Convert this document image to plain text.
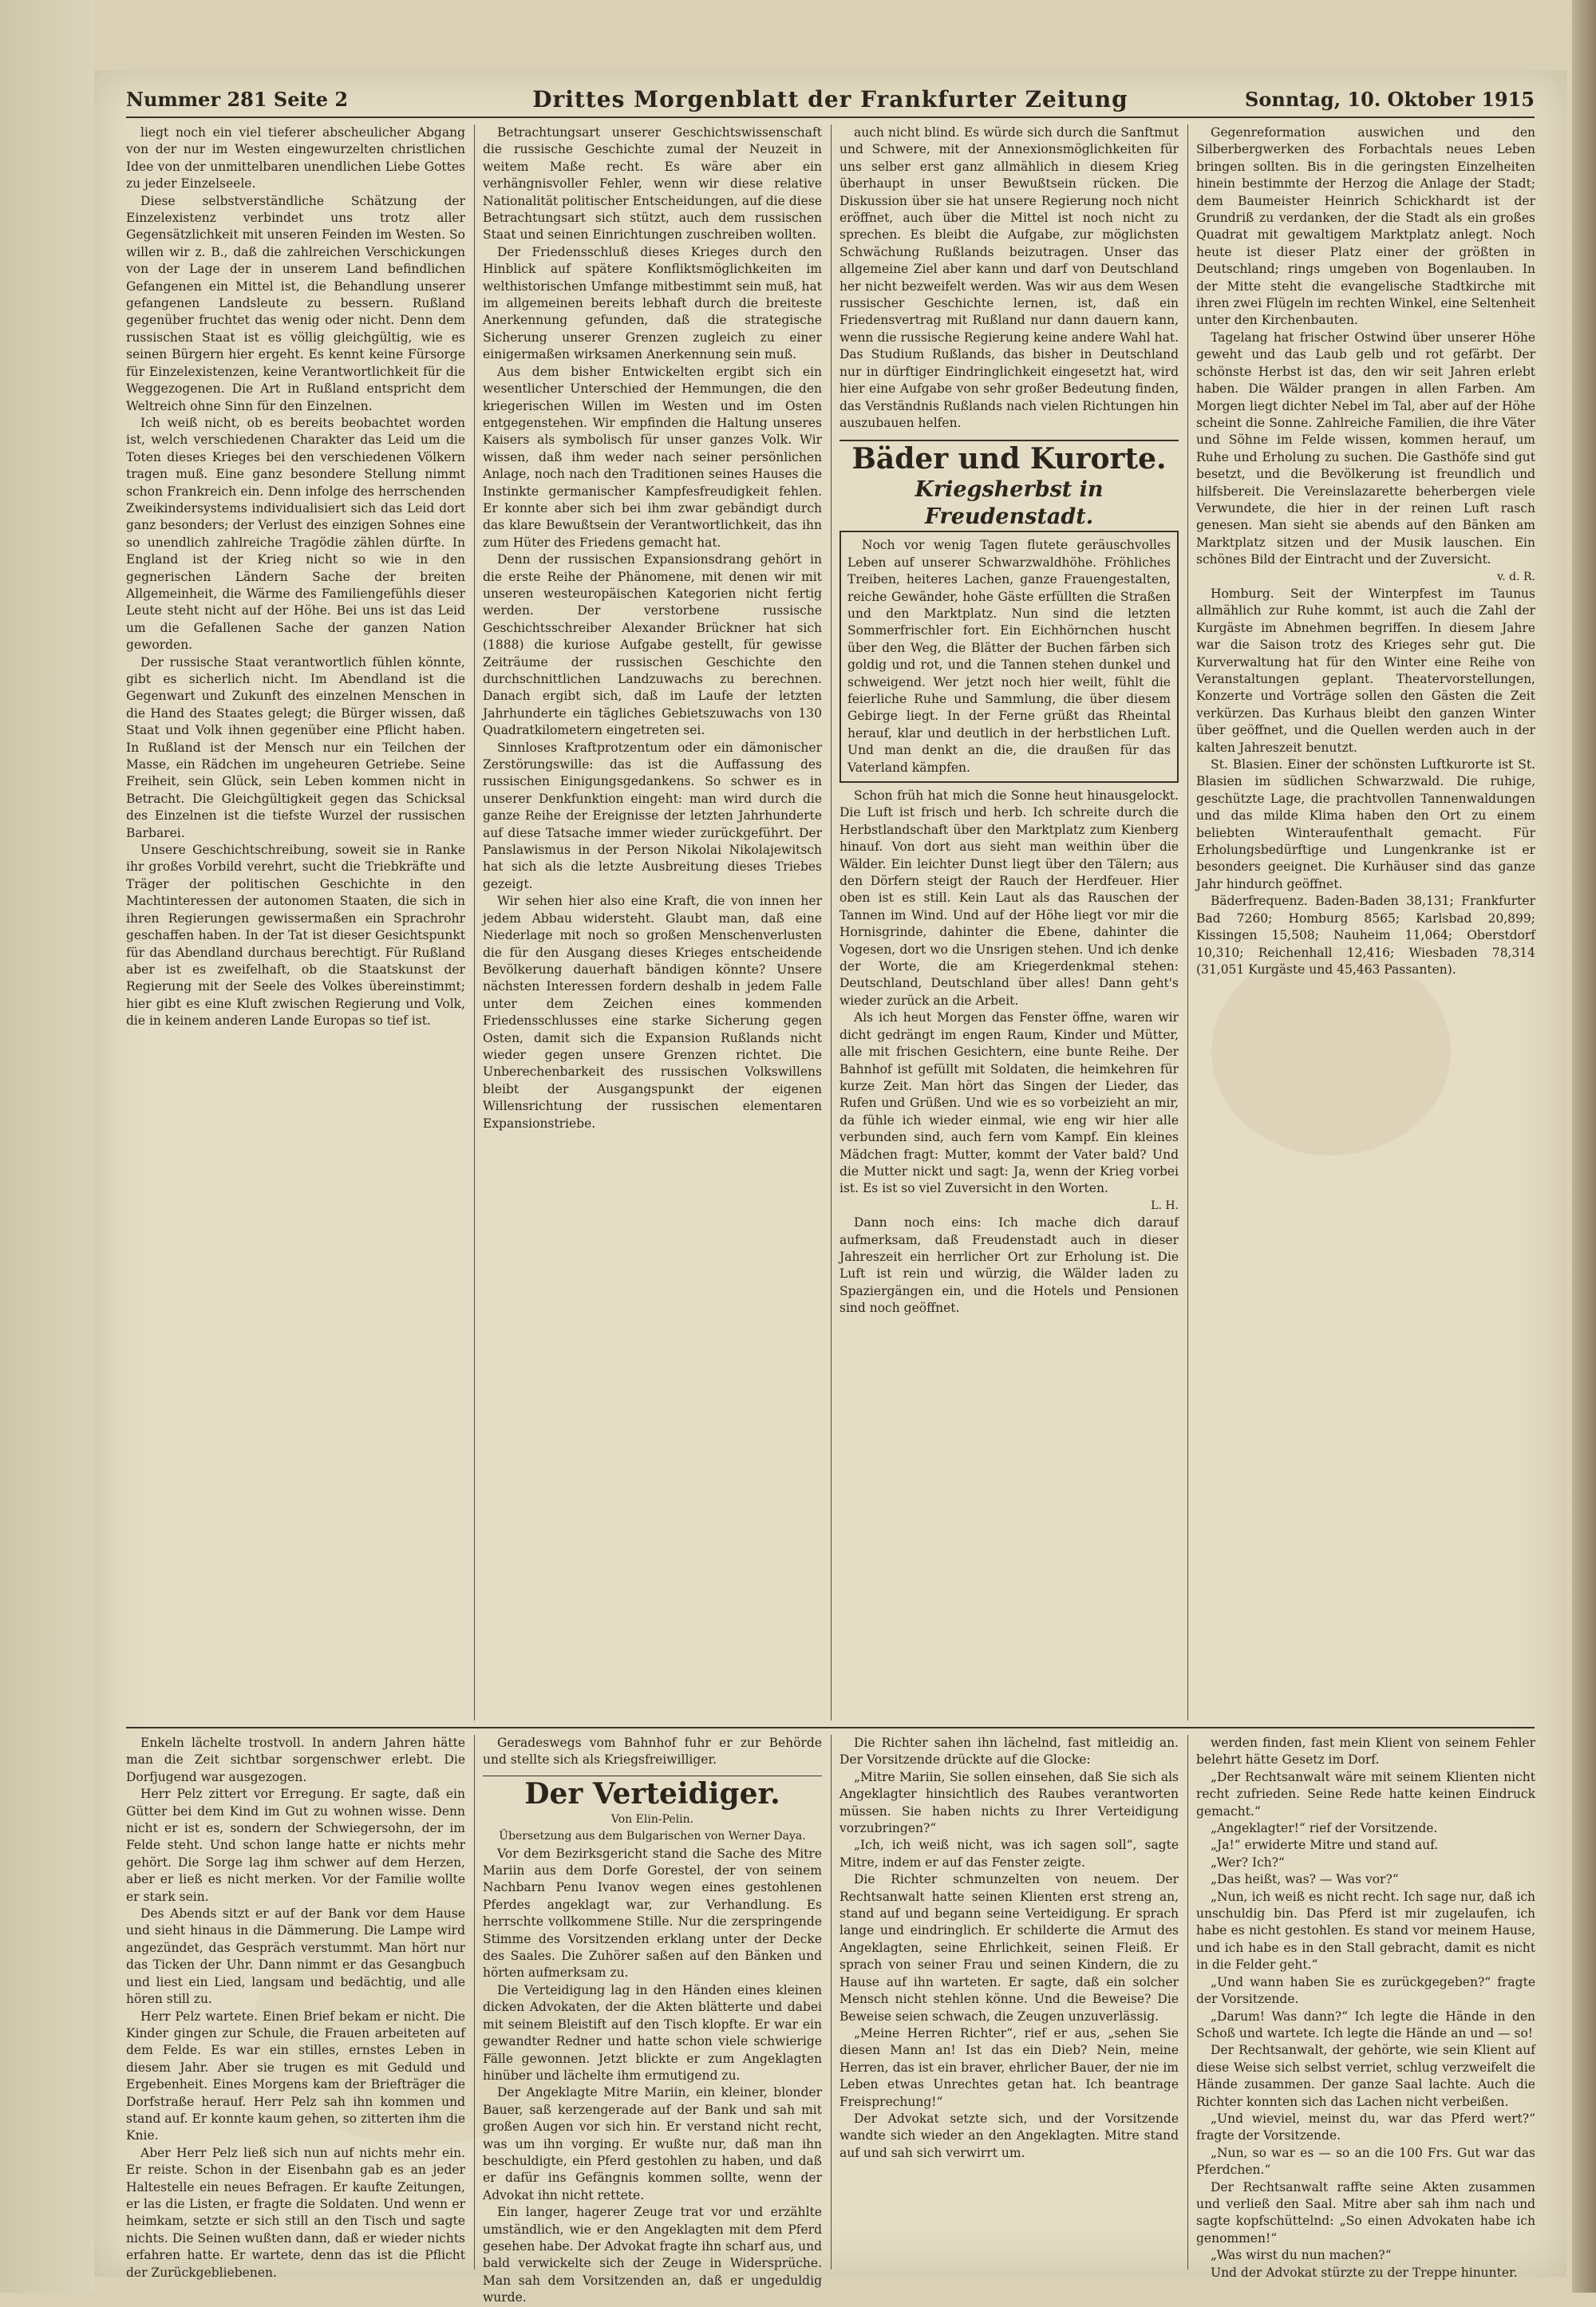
Nummer 281 Seite 2	Drittes Morgenblatt der Frankfurter Zeitung	Sonntag, 10. Oktober 1915

liegt noch ein viel tieferer abscheulicher Abgang von der nur im Westen eingewurzelten christlichen Idee von der unmittelbaren unendlichen Liebe Gottes zu jeder Einzelseele.

Diese selbstverständliche Schätzung der Einzelexistenz verbindet uns trotz aller Gegensätzlichkeit mit unseren Feinden im Westen. So willen wir z. B., daß die zahlreichen Verschickungen von der Lage der in unserem Land befindlichen Gefangenen ein Mittel ist, die Behandlung unserer gefangenen Landsleute zu bessern. Rußland gegenüber fruchtet das wenig oder nicht. Denn dem russischen Staat ist es völlig gleichgültig, wie es seinen Bürgern hier ergeht. Es kennt keine Fürsorge für Einzelexistenzen, keine Verantwortlichkeit für die Weggezogenen. Die Art in Rußland entspricht dem Weltreich ohne Sinn für den Einzelnen.

Ich weiß nicht, ob es bereits beobachtet worden ist, welch verschiedenen Charakter das Leid um die Toten dieses Krieges bei den verschiedenen Völkern tragen muß. Eine ganz besondere Stellung nimmt schon Frankreich ein. Denn infolge des herrschenden Zweikindersystems individualisiert sich das Leid dort ganz besonders; der Verlust des einzigen Sohnes eine so unendlich zahlreiche Tragödie zählen dürfte. In England ist der Krieg nicht so wie in den gegnerischen Ländern Sache der breiten Allgemeinheit, die Wärme des Familiengefühls dieser Leute steht nicht auf der Höhe. Bei uns ist das Leid um die Gefallenen Sache der ganzen Nation geworden.

Der russische Staat verantwortlich fühlen könnte, gibt es sicherlich nicht. Im Abendland ist die Gegenwart und Zukunft des einzelnen Menschen in die Hand des Staates gelegt; die Bürger wissen, daß Staat und Volk ihnen gegenüber eine Pflicht haben. In Rußland ist der Mensch nur ein Teilchen der Masse, ein Rädchen im ungeheuren Getriebe. Seine Freiheit, sein Glück, sein Leben kommen nicht in Betracht. Die Gleichgültigkeit gegen das Schicksal des Einzelnen ist die tiefste Wurzel der russischen Barbarei.

Unsere Geschichtschreibung, soweit sie in Ranke ihr großes Vorbild verehrt, sucht die Triebkräfte und Träger der politischen Geschichte in den Machtinteressen der autonomen Staaten, die sich in ihren Regierungen gewissermaßen ein Sprachrohr geschaffen haben. In der Tat ist dieser Gesichtspunkt für das Abendland durchaus berechtigt. Für Rußland aber ist es zweifelhaft, ob die Staatskunst der Regierung mit der Seele des Volkes übereinstimmt; hier gibt es eine Kluft zwischen Regierung und Volk, die in keinem anderen Lande Europas so tief ist.

Betrachtungsart unserer Geschichtswissenschaft die russische Geschichte zumal der Neuzeit in weitem Maße recht. Es wäre aber ein verhängnisvoller Fehler, wenn wir diese relative Nationalität politischer Entscheidungen, auf die diese Betrachtungsart sich stützt, auch dem russischen Staat und seinen Einrichtungen zuschreiben wollten.

Der Friedensschluß dieses Krieges durch den Hinblick auf spätere Konfliktsmöglichkeiten im welthistorischen Umfange mitbestimmt sein muß, hat im allgemeinen bereits lebhaft durch die breiteste Anerkennung gefunden, daß die strategische Sicherung unserer Grenzen zugleich zu einer einigermaßen wirksamen Anerkennung sein muß.

Aus dem bisher Entwickelten ergibt sich ein wesentlicher Unterschied der Hemmungen, die den kriegerischen Willen im Westen und im Osten entgegenstehen. Wir empfinden die Haltung unseres Kaisers als symbolisch für unser ganzes Volk. Wir wissen, daß ihm weder nach seiner persönlichen Anlage, noch nach den Traditionen seines Hauses die Instinkte germanischer Kampfesfreudigkeit fehlen. Er konnte aber sich bei ihm zwar gebändigt durch das klare Bewußtsein der Verantwortlichkeit, das ihn zum Hüter des Friedens gemacht hat.

Denn der russischen Expansionsdrang gehört in die erste Reihe der Phänomene, mit denen wir mit unseren westeuropäischen Kategorien nicht fertig werden. Der verstorbene russische Geschichtsschreiber Alexander Brückner hat sich (1888) die kuriose Aufgabe gestellt, für gewisse Zeiträume der russischen Geschichte den durchschnittlichen Landzuwachs zu berechnen. Danach ergibt sich, daß im Laufe der letzten Jahrhunderte ein tägliches Gebietszuwachs von 130 Quadratkilometern eingetreten sei.

Sinnloses Kraftprotzentum oder ein dämonischer Zerstörungswille: das ist die Auffassung des russischen Einigungsgedankens. So schwer es in unserer Denkfunktion eingeht: man wird durch die ganze Reihe der Ereignisse der letzten Jahrhunderte auf diese Tatsache immer wieder zurückgeführt. Der Panslawismus in der Person Nikolai Nikolajewitsch hat sich als die letzte Ausbreitung dieses Triebes gezeigt.

Wir sehen hier also eine Kraft, die von innen her jedem Abbau widersteht. Glaubt man, daß eine Niederlage mit noch so großen Menschenverlusten die für den Ausgang dieses Krieges entscheidende Bevölkerung dauerhaft bändigen könnte? Unsere nächsten Interessen fordern deshalb in jedem Falle unter dem Zeichen eines kommenden Friedensschlusses eine starke Sicherung gegen Osten, damit sich die Expansion Rußlands nicht wieder gegen unsere Grenzen richtet. Die Unberechenbarkeit des russischen Volkswillens bleibt der Ausgangspunkt der eigenen Willensrichtung der russischen elementaren Expansionstriebe.

auch nicht blind. Es würde sich durch die Sanftmut und Schwere, mit der Annexionsmöglichkeiten für uns selber erst ganz allmählich in diesem Krieg überhaupt in unser Bewußtsein rücken. Die Diskussion über sie hat unsere Regierung noch nicht eröffnet, auch über die Mittel ist noch nicht zu sprechen. Es bleibt die Aufgabe, zur möglichsten Schwächung Rußlands beizutragen. Unser das allgemeine Ziel aber kann und darf von Deutschland her nicht bezweifelt werden. Was wir aus dem Wesen russischer Geschichte lernen, ist, daß ein Friedensvertrag mit Rußland nur dann dauern kann, wenn die russische Regierung keine andere Wahl hat. Das Studium Rußlands, das bisher in Deutschland nur in dürftiger Eindringlichkeit eingesetzt hat, wird hier eine Aufgabe von sehr großer Bedeutung finden, das Verständnis Rußlands nach vielen Richtungen hin auszubauen helfen.

Bäder und Kurorte.

Kriegsherbst in Freudenstadt.

Noch vor wenig Tagen flutete geräuschvolles Leben auf unserer Schwarzwaldhöhe. Fröhliches Treiben, heiteres Lachen, ganze Frauengestalten, reiche Gewänder, hohe Gäste erfüllten die Straßen und den Marktplatz. Nun sind die letzten Sommerfrischler fort. Ein Eichhörnchen huscht über den Weg, die Blätter der Buchen färben sich goldig und rot, und die Tannen stehen dunkel und schweigend. Wer jetzt noch hier weilt, fühlt die feierliche Ruhe und Sammlung, die über diesem Gebirge liegt. In der Ferne grüßt das Rheintal herauf, klar und deutlich in der herbstlichen Luft. Und man denkt an die, die draußen für das Vaterland kämpfen.

Schon früh hat mich die Sonne heut hinausgelockt. Die Luft ist frisch und herb. Ich schreite durch die Herbstlandschaft über den Marktplatz zum Kienberg hinauf. Von dort aus sieht man weithin über die Wälder. Ein leichter Dunst liegt über den Tälern; aus den Dörfern steigt der Rauch der Herdfeuer. Hier oben ist es still. Kein Laut als das Rauschen der Tannen im Wind. Und auf der Höhe liegt vor mir die Hornisgrinde, dahinter die Ebene, dahinter die Vogesen, dort wo die Unsrigen stehen. Und ich denke der Worte, die am Kriegerdenkmal stehen: Deutschland, Deutschland über alles! Dann geht's wieder zurück an die Arbeit.

Als ich heut Morgen das Fenster öffne, waren wir dicht gedrängt im engen Raum, Kinder und Mütter, alle mit frischen Gesichtern, eine bunte Reihe. Der Bahnhof ist gefüllt mit Soldaten, die heimkehren für kurze Zeit. Man hört das Singen der Lieder, das Rufen und Grüßen. Und wie es so vorbeizieht an mir, da fühle ich wieder einmal, wie eng wir hier alle verbunden sind, auch fern vom Kampf. Ein kleines Mädchen fragt: Mutter, kommt der Vater bald? Und die Mutter nickt und sagt: Ja, wenn der Krieg vorbei ist. Es ist so viel Zuversicht in den Worten.

L. H.

Dann noch eins: Ich mache dich darauf aufmerksam, daß Freudenstadt auch in dieser Jahreszeit ein herrlicher Ort zur Erholung ist. Die Luft ist rein und würzig, die Wälder laden zu Spaziergängen ein, und die Hotels und Pensionen sind noch geöffnet.

Gegenreformation auswichen und den Silberbergwerken des Forbachtals neues Leben bringen sollten. Bis in die geringsten Einzelheiten hinein bestimmte der Herzog die Anlage der Stadt; dem Baumeister Heinrich Schickhardt ist der Grundriß zu verdanken, der die Stadt als ein großes Quadrat mit gewaltigem Marktplatz anlegt. Noch heute ist dieser Platz einer der größten in Deutschland; rings umgeben von Bogenlauben. In der Mitte steht die evangelische Stadtkirche mit ihren zwei Flügeln im rechten Winkel, eine Seltenheit unter den Kirchenbauten.

Tagelang hat frischer Ostwind über unserer Höhe geweht und das Laub gelb und rot gefärbt. Der schönste Herbst ist das, den wir seit Jahren erlebt haben. Die Wälder prangen in allen Farben. Am Morgen liegt dichter Nebel im Tal, aber auf der Höhe scheint die Sonne. Zahlreiche Familien, die ihre Väter und Söhne im Felde wissen, kommen herauf, um Ruhe und Erholung zu suchen. Die Gasthöfe sind gut besetzt, und die Bevölkerung ist freundlich und hilfsbereit. Die Vereinslazarette beherbergen viele Verwundete, die hier in der reinen Luft rasch genesen. Man sieht sie abends auf den Bänken am Marktplatz sitzen und der Musik lauschen. Ein schönes Bild der Eintracht und der Zuversicht.

v. d. R.

Homburg. Seit der Winterpfest im Taunus allmählich zur Ruhe kommt, ist auch die Zahl der Kurgäste im Abnehmen begriffen. In diesem Jahre war die Saison trotz des Krieges sehr gut. Die Kurverwaltung hat für den Winter eine Reihe von Veranstaltungen geplant. Theatervorstellungen, Konzerte und Vorträge sollen den Gästen die Zeit verkürzen. Das Kurhaus bleibt den ganzen Winter über geöffnet, und die Quellen werden auch in der kalten Jahreszeit benutzt.

St. Blasien. Einer der schönsten Luftkurorte ist St. Blasien im südlichen Schwarzwald. Die ruhige, geschützte Lage, die prachtvollen Tannenwaldungen und das milde Klima haben den Ort zu einem beliebten Winteraufenthalt gemacht. Für Erholungsbedürftige und Lungenkranke ist er besonders geeignet. Die Kurhäuser sind das ganze Jahr hindurch geöffnet.

Bäderfrequenz. Baden-Baden 38,131; Frankfurter Bad 7260; Homburg 8565; Karlsbad 20,899; Kissingen 15,508; Nauheim 11,064; Oberstdorf 10,310; Reichenhall 12,416; Wiesbaden 78,314 (31,051 Kurgäste und 45,463 Passanten).

Enkeln lächelte trostvoll. In andern Jahren hätte man die Zeit sichtbar sorgenschwer erlebt. Die Dorfjugend war ausgezogen.

Herr Pelz zittert vor Erregung. Er sagte, daß ein Gütter bei dem Kind im Gut zu wohnen wisse. Denn nicht er ist es, sondern der Schwiegersohn, der im Felde steht. Und schon lange hatte er nichts mehr gehört. Die Sorge lag ihm schwer auf dem Herzen, aber er ließ es nicht merken. Vor der Familie wollte er stark sein.

Des Abends sitzt er auf der Bank vor dem Hause und sieht hinaus in die Dämmerung. Die Lampe wird angezündet, das Gespräch verstummt. Man hört nur das Ticken der Uhr. Dann nimmt er das Gesangbuch und liest ein Lied, langsam und bedächtig, und alle hören still zu.

Herr Pelz wartete. Einen Brief bekam er nicht. Die Kinder gingen zur Schule, die Frauen arbeiteten auf dem Felde. Es war ein stilles, ernstes Leben in diesem Jahr. Aber sie trugen es mit Geduld und Ergebenheit. Eines Morgens kam der Briefträger die Dorfstraße herauf. Herr Pelz sah ihn kommen und stand auf. Er konnte kaum gehen, so zitterten ihm die Knie.

Aber Herr Pelz ließ sich nun auf nichts mehr ein. Er reiste. Schon in der Eisenbahn gab es an jeder Haltestelle ein neues Befragen. Er kaufte Zeitungen, er las die Listen, er fragte die Soldaten. Und wenn er heimkam, setzte er sich still an den Tisch und sagte nichts. Die Seinen wußten dann, daß er wieder nichts erfahren hatte. Er wartete, denn das ist die Pflicht der Zurückgebliebenen.

Geradeswegs vom Bahnhof fuhr er zur Behörde und stellte sich als Kriegsfreiwilliger.

Der Verteidiger.

Von Elin-Pelin.

Übersetzung aus dem Bulgarischen von Werner Daya.

Vor dem Bezirksgericht stand die Sache des Mitre Mariin aus dem Dorfe Gorestel, der von seinem Nachbarn Penu Ivanov wegen eines gestohlenen Pferdes angeklagt war, zur Verhandlung. Es herrschte vollkommene Stille. Nur die zerspringende Stimme des Vorsitzenden erklang unter der Decke des Saales. Die Zuhörer saßen auf den Bänken und hörten aufmerksam zu.

Die Verteidigung lag in den Händen eines kleinen dicken Advokaten, der die Akten blätterte und dabei mit seinem Bleistift auf den Tisch klopfte. Er war ein gewandter Redner und hatte schon viele schwierige Fälle gewonnen. Jetzt blickte er zum Angeklagten hinüber und lächelte ihm ermutigend zu.

Der Angeklagte Mitre Mariin, ein kleiner, blonder Bauer, saß kerzengerade auf der Bank und sah mit großen Augen vor sich hin. Er verstand nicht recht, was um ihn vorging. Er wußte nur, daß man ihn beschuldigte, ein Pferd gestohlen zu haben, und daß er dafür ins Gefängnis kommen sollte, wenn der Advokat ihn nicht rettete.

Ein langer, hagerer Zeuge trat vor und erzählte umständlich, wie er den Angeklagten mit dem Pferd gesehen habe. Der Advokat fragte ihn scharf aus, und bald verwickelte sich der Zeuge in Widersprüche. Man sah dem Vorsitzenden an, daß er ungeduldig wurde.

Die Richter sahen ihn lächelnd, fast mitleidig an. Der Vorsitzende drückte auf die Glocke:

„Mitre Mariin, Sie sollen einsehen, daß Sie sich als Angeklagter hinsichtlich des Raubes verantworten müssen. Sie haben nichts zu Ihrer Verteidigung vorzubringen?“

„Ich, ich weiß nicht, was ich sagen soll“, sagte Mitre, indem er auf das Fenster zeigte.

Die Richter schmunzelten von neuem. Der Rechtsanwalt hatte seinen Klienten erst streng an, stand auf und begann seine Verteidigung. Er sprach lange und eindringlich. Er schilderte die Armut des Angeklagten, seine Ehrlichkeit, seinen Fleiß. Er sprach von seiner Frau und seinen Kindern, die zu Hause auf ihn warteten. Er sagte, daß ein solcher Mensch nicht stehlen könne. Und die Beweise? Die Beweise seien schwach, die Zeugen unzuverlässig.

„Meine Herren Richter“, rief er aus, „sehen Sie diesen Mann an! Ist das ein Dieb? Nein, meine Herren, das ist ein braver, ehrlicher Bauer, der nie im Leben etwas Unrechtes getan hat. Ich beantrage Freisprechung!“

Der Advokat setzte sich, und der Vorsitzende wandte sich wieder an den Angeklagten. Mitre stand auf und sah sich verwirrt um.

werden finden, fast mein Klient von seinem Fehler belehrt hätte Gesetz im Dorf.

„Der Rechtsanwalt wäre mit seinem Klienten nicht recht zufrieden. Seine Rede hatte keinen Eindruck gemacht.“

„Angeklagter!“ rief der Vorsitzende.

„Ja!“ erwiderte Mitre und stand auf.

„Wer? Ich?“

„Das heißt, was? — Was vor?“

„Nun, ich weiß es nicht recht. Ich sage nur, daß ich unschuldig bin. Das Pferd ist mir zugelaufen, ich habe es nicht gestohlen. Es stand vor meinem Hause, und ich habe es in den Stall gebracht, damit es nicht in die Felder geht.“

„Und wann haben Sie es zurückgegeben?“ fragte der Vorsitzende.

„Darum! Was dann?“ Ich legte die Hände in den Schoß und wartete. Ich legte die Hände an und — so!

Der Rechtsanwalt, der gehörte, wie sein Klient auf diese Weise sich selbst verriet, schlug verzweifelt die Hände zusammen. Der ganze Saal lachte. Auch die Richter konnten sich das Lachen nicht verbeißen.

„Und wieviel, meinst du, war das Pferd wert?“ fragte der Vorsitzende.

„Nun, so war es — so an die 100 Frs. Gut war das Pferdchen.“

Der Rechtsanwalt raffte seine Akten zusammen und verließ den Saal. Mitre aber sah ihm nach und sagte kopfschüttelnd: „So einen Advokaten habe ich genommen!“

„Was wirst du nun machen?“

Und der Advokat stürzte zu der Treppe hinunter.
